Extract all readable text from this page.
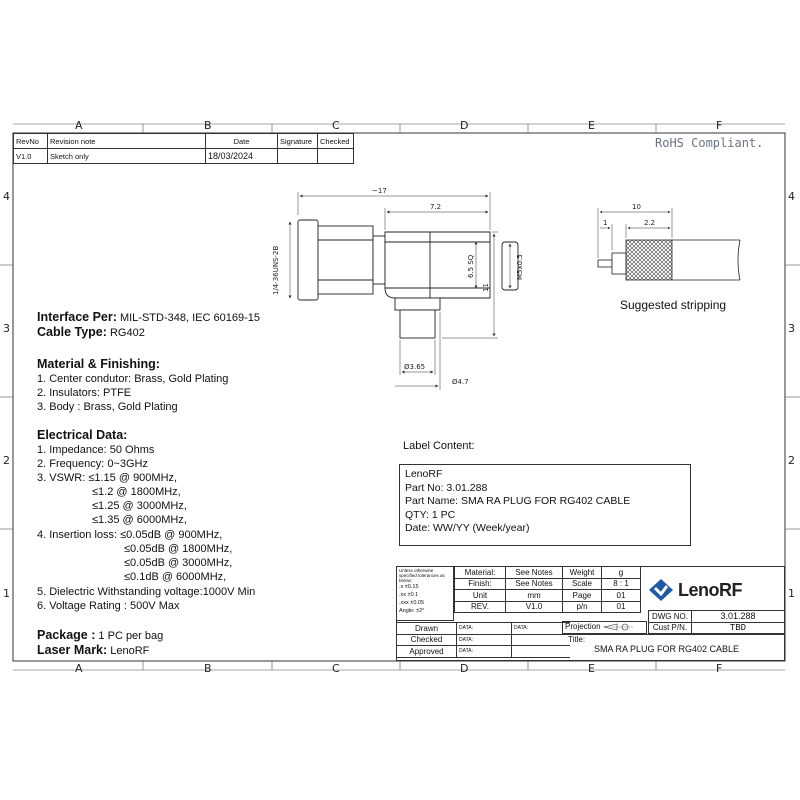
A	B	C	D	E	F
A	B	C	D	E	F
4
3
2
1
4
3
2
1
RevNo	Revision note	Date	Signature	Checked
V1.0	Sketch only	18/03/2024		
RoHS Compliant.
~17
7.2
1/4-36UNS-2B	6.5 SQ
11
M5x0.5
Ø3.65
Ø4.7
10
1	2.2
Suggested stripping
Interface Per: MIL-STD-348, IEC 60169-15
Cable Type: RG402
Material & Finishing:
1. Center condutor: Brass, Gold Plating
2. Insulators: PTFE
3. Body : Brass, Gold Plating
Electrical Data:
1. Impedance: 50 Ohms
2. Frequency: 0~3GHz
3. VSWR: ≤1.15 @ 900MHz,
≤1.2 @ 1800MHz,
≤1.25 @ 3000MHz,
≤1.35 @ 6000MHz,
4. Insertion loss: ≤0.05dB @ 900MHz,
≤0.05dB @ 1800MHz,
≤0.05dB @ 3000MHz,
≤0.1dB @ 6000MHz,
5. Dielectric Withstanding voltage:1000V Min
6. Voltage Rating : 500V Max
Package : 1 PC per bag
Laser Mark: LenoRF
Label Content:
LenoRF
Part No: 3.01.288
Part Name: SMA RA PLUG FOR RG402 CABLE
QTY: 1 PC
Date: WW/YY (Week/year)
Unless otherwise specified tolerances as below:
.x ±0.15
.xx ±0.1
.xxx ±0.05
Angle: ±2°
Material:	See Notes	Weight	g
Finish:	See Notes	Scale	8 : 1
Unit	mm	Page	01
REV.	V1.0	p/n	01
Drawn	DATA:	DATA:
Checked	DATA:	
Approved	DATA:	
Projection
Title:
SMA RA PLUG FOR RG402 CABLE
LenoRF
DWG NO.	3.01.288
Cust P/N.	TBD
